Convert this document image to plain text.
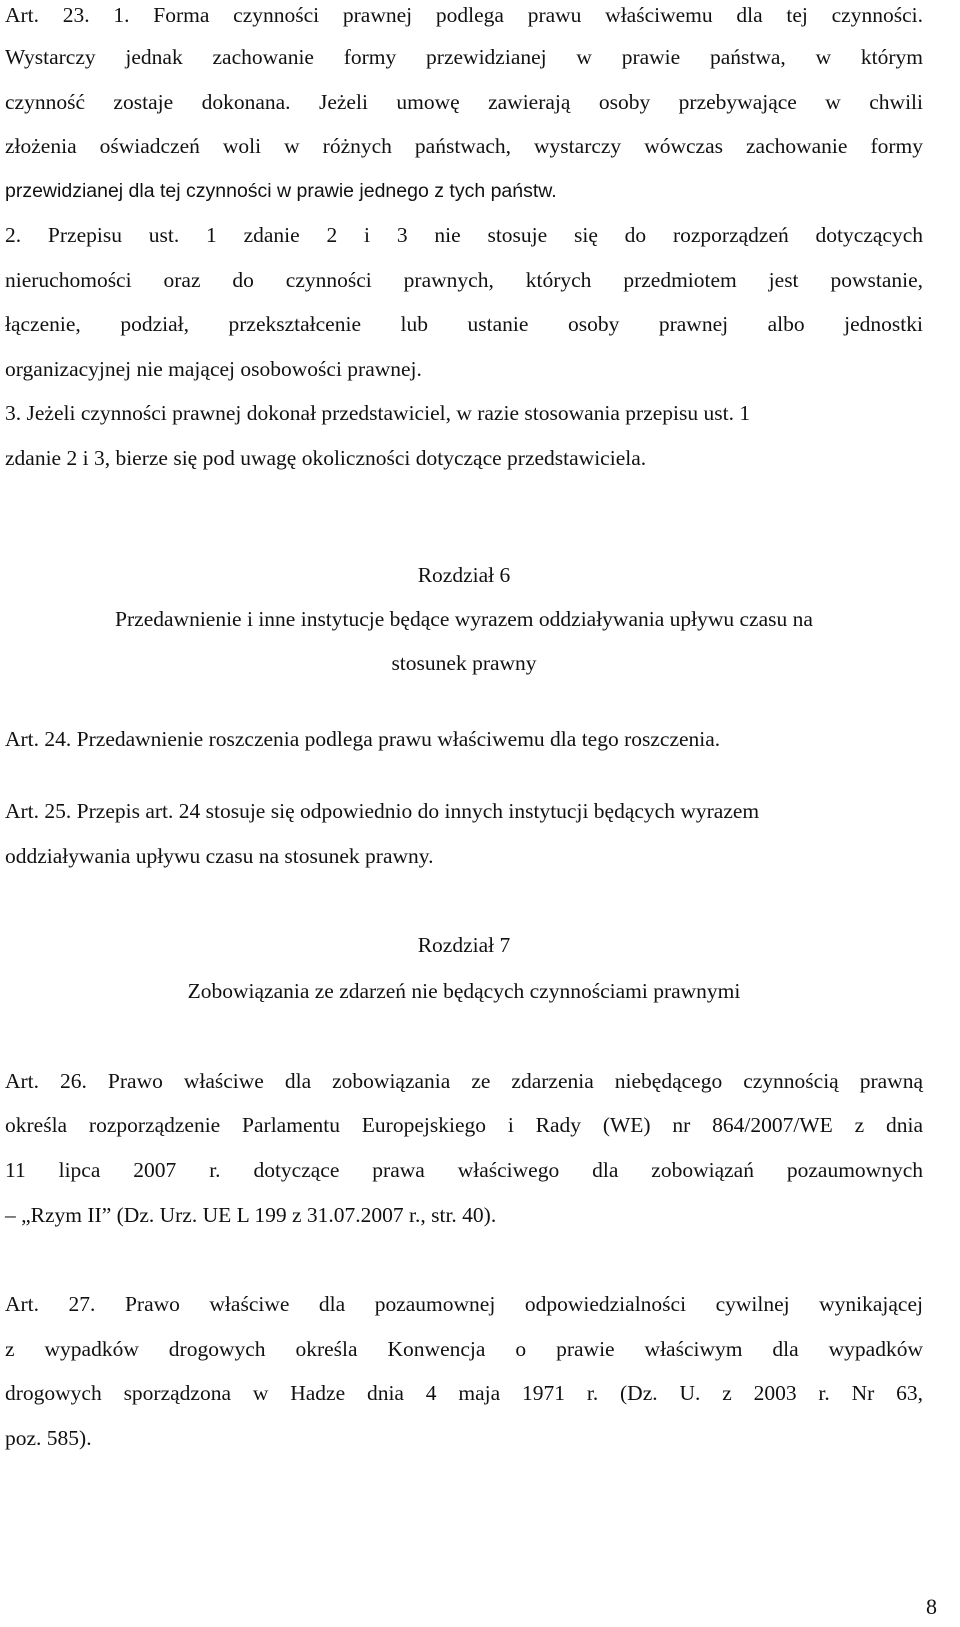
Art. 23. 1. Forma czynności prawnej podlega prawu właściwemu dla tej czynności.
Wystarczy jednak zachowanie formy przewidzianej w prawie państwa, w którym
czynność zostaje dokonana. Jeżeli umowę zawierają osoby przebywające w chwili
złożenia oświadczeń woli w różnych państwach, wystarczy wówczas zachowanie formy
przewidzianej dla tej czynności w prawie jednego z tych państw.
2. Przepisu ust. 1 zdanie 2 i 3 nie stosuje się do rozporządzeń dotyczących
nieruchomości oraz do czynności prawnych, których przedmiotem jest powstanie,
łączenie, podział, przekształcenie lub ustanie osoby prawnej albo jednostki
organizacyjnej nie mającej osobowości prawnej.
3. Jeżeli czynności prawnej dokonał przedstawiciel, w razie stosowania przepisu ust. 1
zdanie 2 i 3, bierze się pod uwagę okoliczności dotyczące przedstawiciela.
Rozdział 6
Przedawnienie i inne instytucje będące wyrazem oddziaływania upływu czasu na
stosunek prawny
Art. 24. Przedawnienie roszczenia podlega prawu właściwemu dla tego roszczenia.
Art. 25. Przepis art. 24 stosuje się odpowiednio do innych instytucji będących wyrazem
oddziaływania upływu czasu na stosunek prawny.
Rozdział 7
Zobowiązania ze zdarzeń nie będących czynnościami prawnymi
Art. 26. Prawo właściwe dla zobowiązania ze zdarzenia niebędącego czynnością prawną
określa rozporządzenie Parlamentu Europejskiego i Rady (WE) nr 864/2007/WE z dnia
11 lipca 2007 r. dotyczące prawa właściwego dla zobowiązań pozaumownych
– „Rzym II” (Dz. Urz. UE L 199 z 31.07.2007 r., str. 40).
Art. 27. Prawo właściwe dla pozaumownej odpowiedzialności cywilnej wynikającej
z wypadków drogowych określa Konwencja o prawie właściwym dla wypadków
drogowych sporządzona w Hadze dnia 4 maja 1971 r. (Dz. U. z 2003 r. Nr 63,
poz. 585).
8
